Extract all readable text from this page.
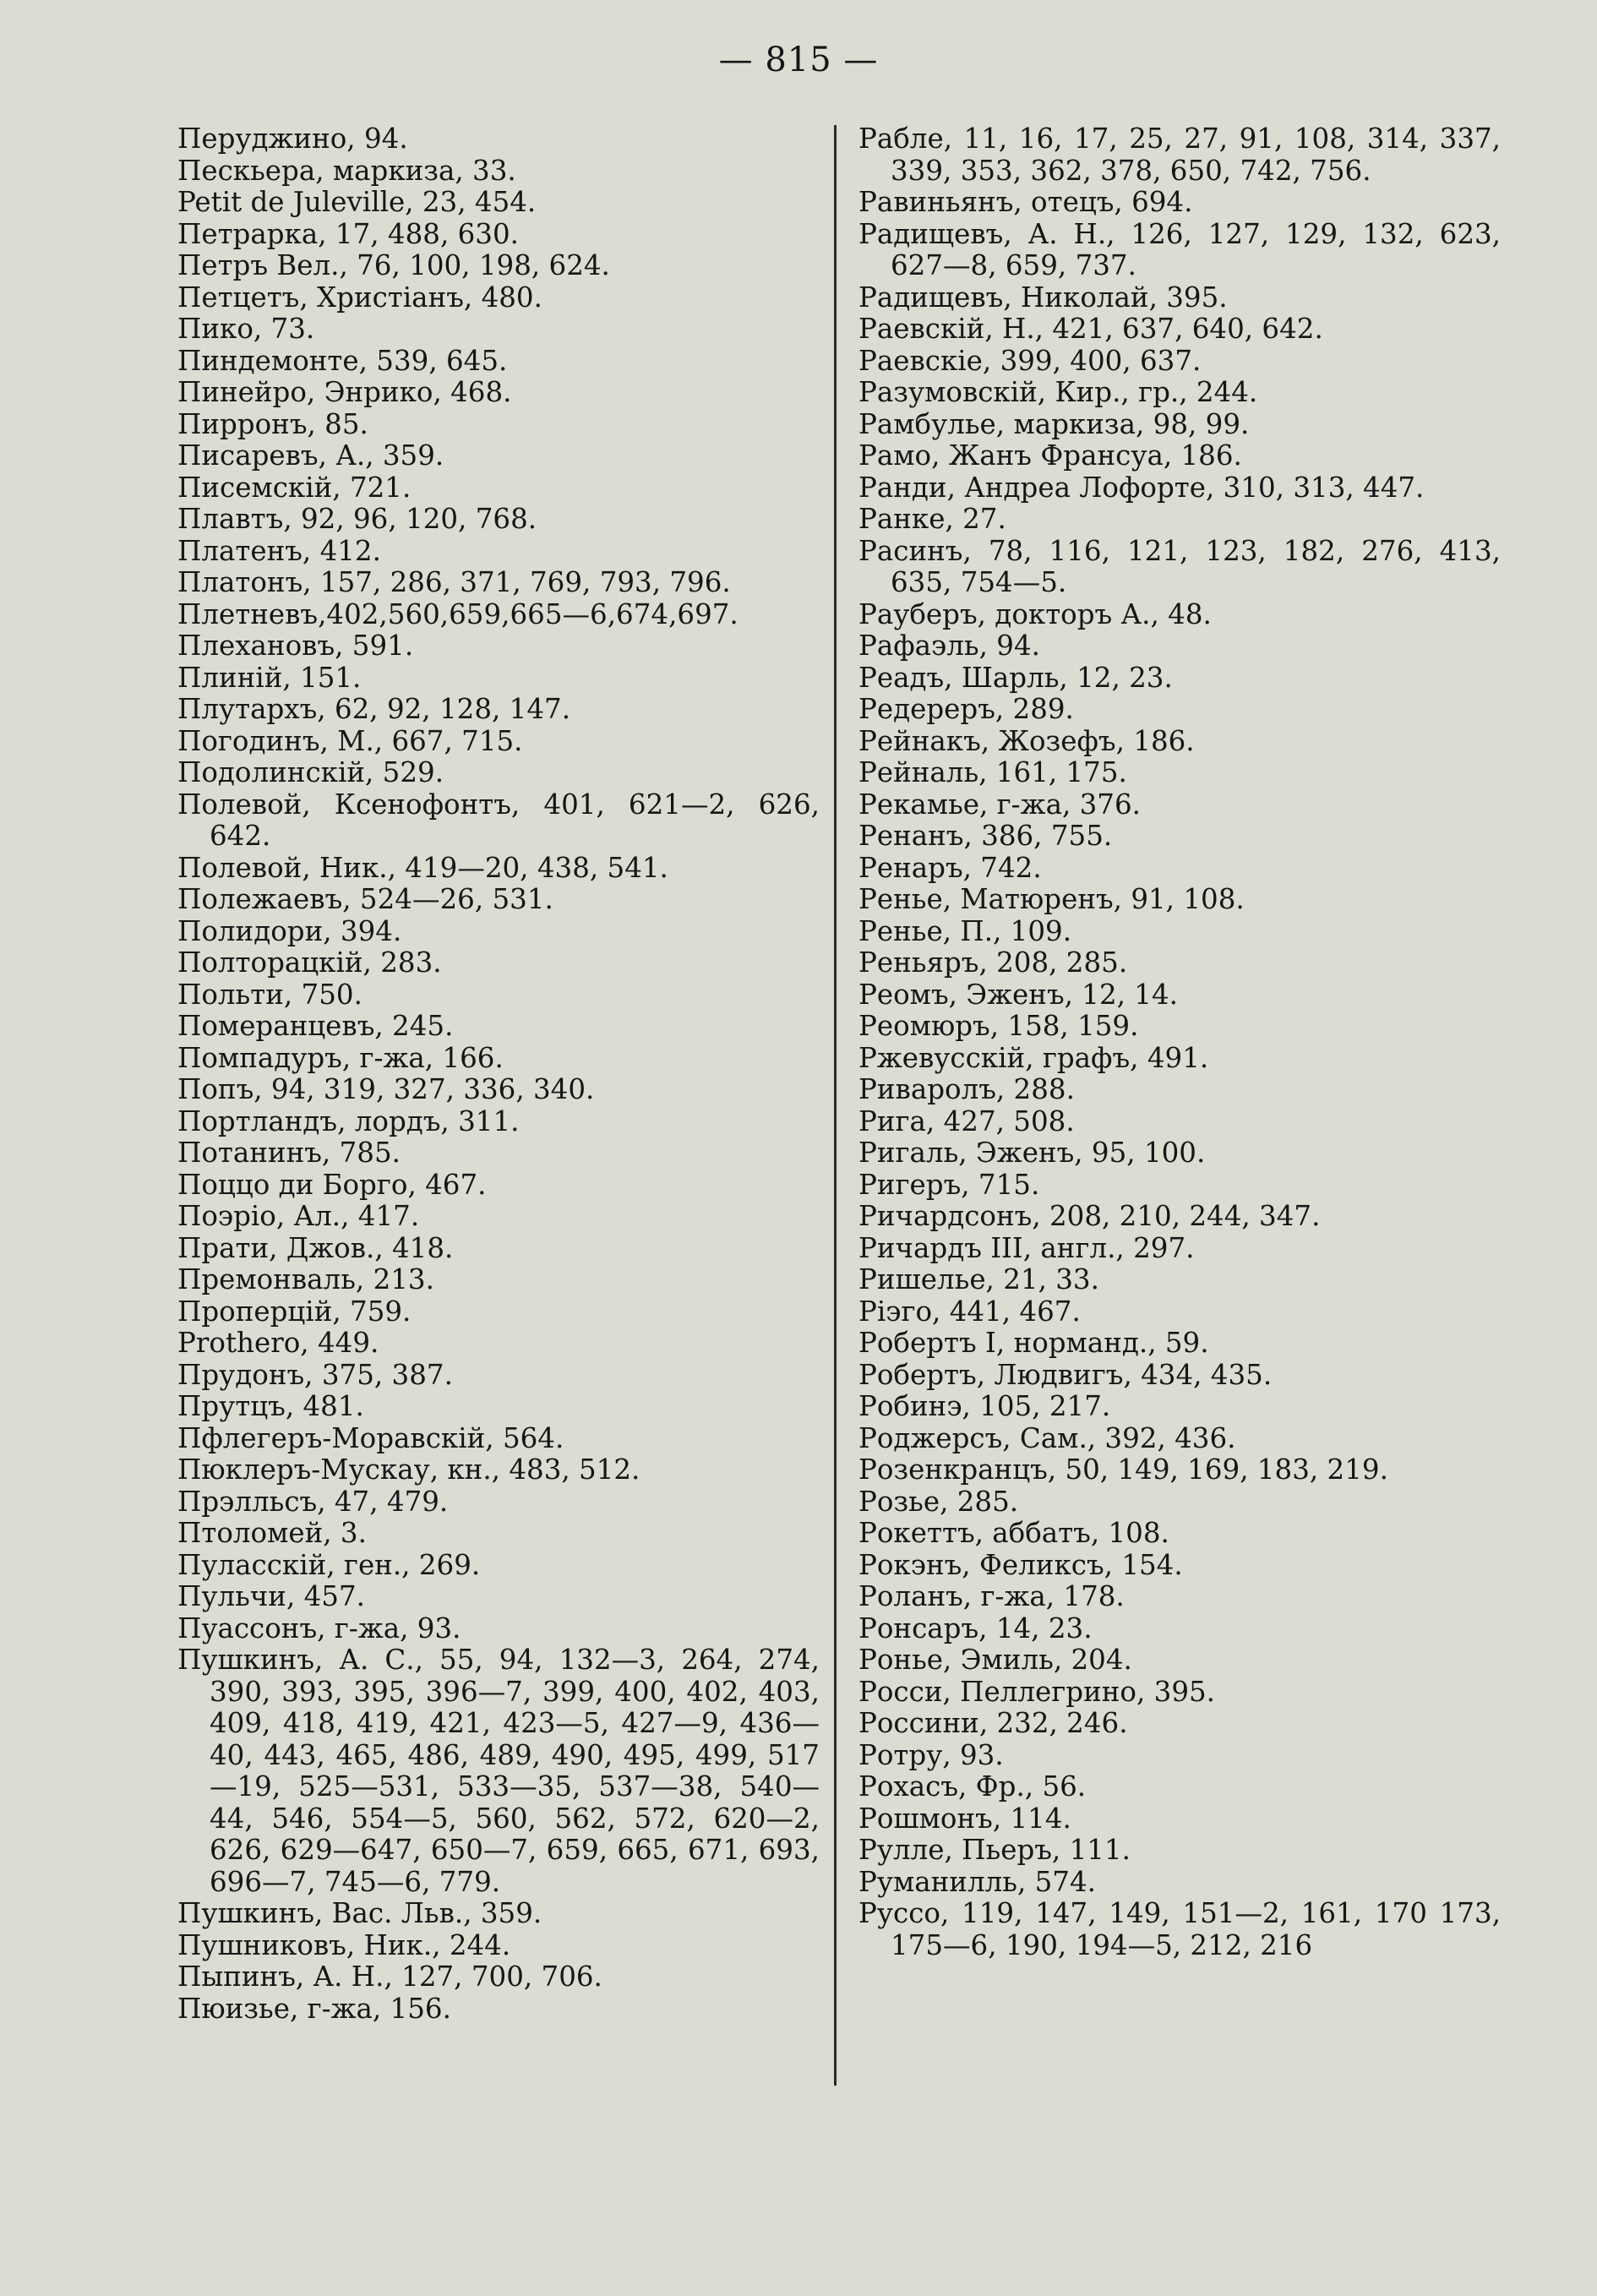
— 815 —
Перуджино, 94.
Пескьера, маркиза, 33.
Petit de Juleville, 23, 454.
Петрарка, 17, 488, 630.
Петръ Вел., 76, 100, 198, 624.
Петцетъ, Христіанъ, 480.
Пико, 73.
Пиндемонте, 539, 645.
Пинейро, Энрико, 468.
Пирронъ, 85.
Писаревъ, А., 359.
Писемскій, 721.
Плавтъ, 92, 96, 120, 768.
Платенъ, 412.
Платонъ, 157, 286, 371, 769, 793, 796.
Плетневъ,402,560,659,665—6,674,697.
Плехановъ, 591.
Плиній, 151.
Плутархъ, 62, 92, 128, 147.
Погодинъ, М., 667, 715.
Подолинскій, 529.
Полевой, Ксенофонтъ, 401, 621—2, 626, 642.
Полевой, Ник., 419—20, 438, 541.
Полежаевъ, 524—26, 531.
Полидори, 394.
Полторацкій, 283.
Польти, 750.
Померанцевъ, 245.
Помпадуръ, г-жа, 166.
Попъ, 94, 319, 327, 336, 340.
Портландъ, лордъ, 311.
Потанинъ, 785.
Поццо ди Борго, 467.
Поэріо, Ал., 417.
Прати, Джов., 418.
Премонваль, 213.
Проперцій, 759.
Prothero, 449.
Прудонъ, 375, 387.
Прутцъ, 481.
Пфлегеръ-Моравскій, 564.
Пюклеръ-Мускау, кн., 483, 512.
Прэлльсъ, 47, 479.
Птоломей, 3.
Пуласскій, ген., 269.
Пульчи, 457.
Пуассонъ, г-жа, 93.
Пушкинъ, А. С., 55, 94, 132—3, 264, 274, 390, 393, 395, 396—7, 399, 400, 402, 403, 409, 418, 419, 421, 423—5, 427—9, 436—40, 443, 465, 486, 489, 490, 495, 499, 517—19, 525—531, 533—35, 537—38, 540—44, 546, 554—5, 560, 562, 572, 620—2, 626, 629—647, 650—7, 659, 665, 671, 693, 696—7, 745—6, 779.
Пушкинъ, Вас. Льв., 359.
Пушниковъ, Ник., 244.
Пыпинъ, А. Н., 127, 700, 706.
Пюизье, г-жа, 156.
Рабле, 11, 16, 17, 25, 27, 91, 108, 314, 337, 339, 353, 362, 378, 650, 742, 756.
Равиньянъ, отецъ, 694.
Радищевъ, А. Н., 126, 127, 129, 132, 623, 627—8, 659, 737.
Радищевъ, Николай, 395.
Раевскій, Н., 421, 637, 640, 642.
Раевскіе, 399, 400, 637.
Разумовскій, Кир., гр., 244.
Рамбулье, маркиза, 98, 99.
Рамо, Жанъ Франсуа, 186.
Ранди, Андреа Лофорте, 310, 313, 447.
Ранке, 27.
Расинъ, 78, 116, 121, 123, 182, 276, 413, 635, 754—5.
Рауберъ, докторъ А., 48.
Рафаэль, 94.
Реадъ, Шарль, 12, 23.
Редереръ, 289.
Рейнакъ, Жозефъ, 186.
Рейналь, 161, 175.
Рекамье, г-жа, 376.
Ренанъ, 386, 755.
Ренаръ, 742.
Ренье, Матюренъ, 91, 108.
Ренье, П., 109.
Реньяръ, 208, 285.
Реомъ, Эженъ, 12, 14.
Реомюръ, 158, 159.
Ржевусскій, графъ, 491.
Риваролъ, 288.
Рига, 427, 508.
Ригаль, Эженъ, 95, 100.
Ригеръ, 715.
Ричардсонъ, 208, 210, 244, 347.
Ричардъ III, англ., 297.
Ришелье, 21, 33.
Ріэго, 441, 467.
Робертъ I, норманд., 59.
Робертъ, Людвигъ, 434, 435.
Робинэ, 105, 217.
Роджерсъ, Сам., 392, 436.
Розенкранцъ, 50, 149, 169, 183, 219.
Розье, 285.
Рокеттъ, аббатъ, 108.
Рокэнъ, Феликсъ, 154.
Роланъ, г-жа, 178.
Ронсаръ, 14, 23.
Ронье, Эмиль, 204.
Росси, Пеллегрино, 395.
Россини, 232, 246.
Ротру, 93.
Рохасъ, Фр., 56.
Рошмонъ, 114.
Рулле, Пьеръ, 111.
Руманилль, 574.
Руссо, 119, 147, 149, 151—2, 161, 170 173, 175—6, 190, 194—5, 212, 216
